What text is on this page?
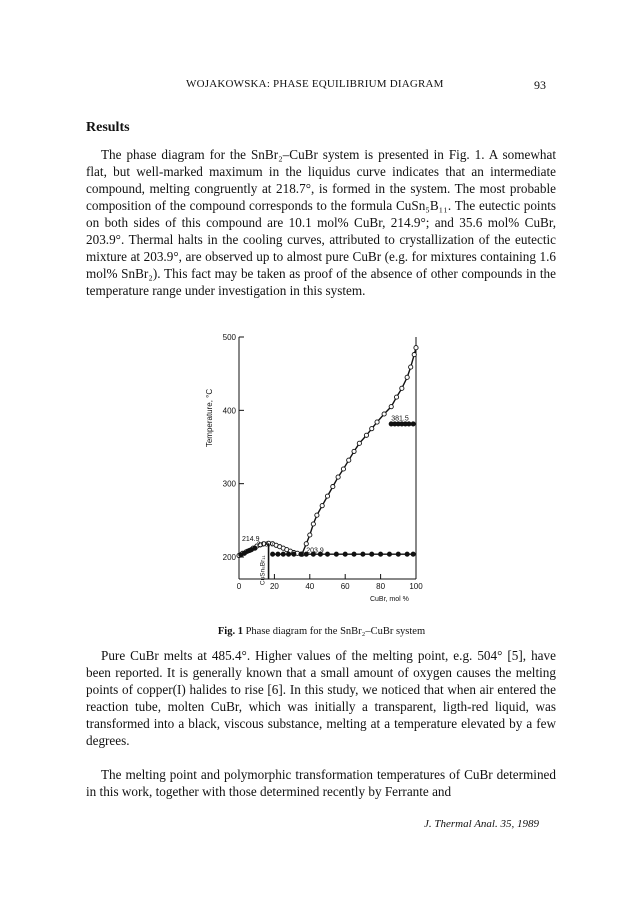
WOJAKOWSKA: PHASE EQUILIBRIUM DIAGRAM	93
Results

The phase diagram for the SnBr₂–CuBr system is presented in Fig. 1. A somewhat flat, but well-marked maximum in the liquidus curve indicates that an intermediate compound, melting congruently at 218.7°, is formed in the system. The most probable composition of the compound corresponds to the formula CuSn₅B₁₁. The eutectic points on both sides of this compound are 10.1 mol% CuBr, 214.9°; and 35.6 mol% CuBr, 203.9°. Thermal halts in the cooling curves, attributed to crystallization of the eutectic mixture at 203.9°, are observed up to almost pure CuBr (e.g. for mixtures containing 1.6 mol% SnBr₂). This fact may be taken as proof of the absence of other compounds in the temperature range under investigation in this system.

200
300
400
500
0	20	40	60	80	100
Temperature, °C
CuBr, mol %
214.9
218.7
203.9
381.5
CuSn₅Br₁₁
Fig. 1 Phase diagram for the SnBr₂–CuBr system

Pure CuBr melts at 485.4°. Higher values of the melting point, e.g. 504° [5], have been reported. It is generally known that a small amount of oxygen causes the melting points of copper(I) halides to rise [6]. In this study, we noticed that when air entered the reaction tube, molten CuBr, which was initially a transparent, ligth-red liquid, was transformed into a black, viscous substance, melting at a temperature elevated by a few degrees.

The melting point and polymorphic transformation temperatures of CuBr determined in this work, together with those determined recently by Ferrante and

J. Thermal Anal. 35, 1989
